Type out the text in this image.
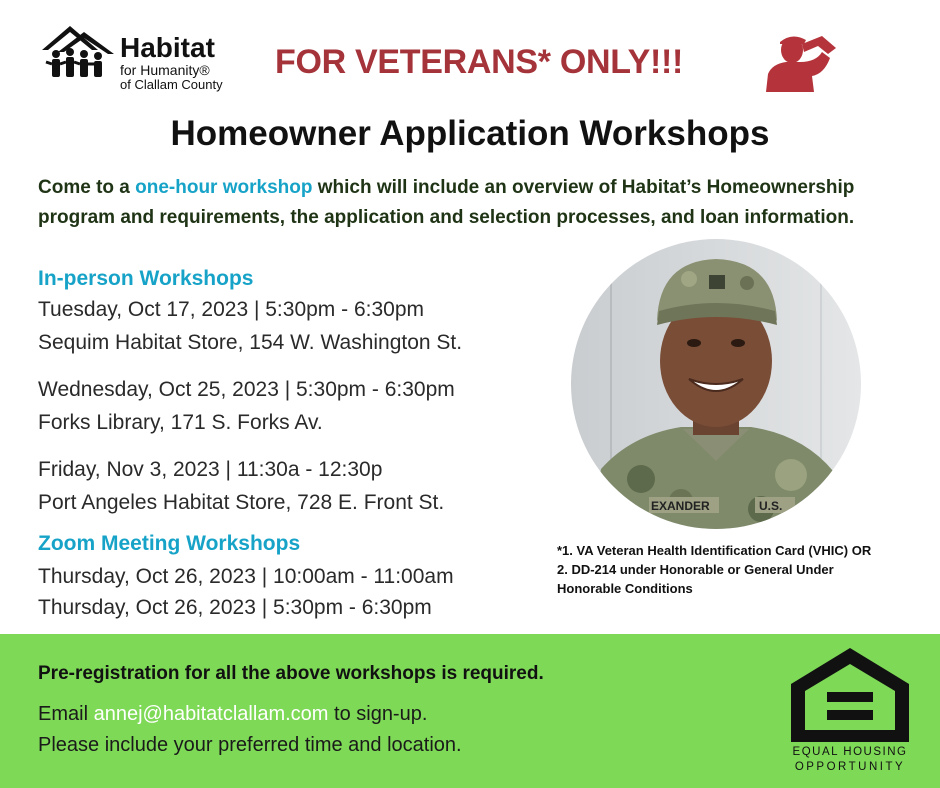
Habitat
for Humanity®
of Clallam County
FOR VETERANS* ONLY!!!
Homeowner Application Workshops
Come to a one-hour workshop which will include an overview of Habitat’s Homeownership program and requirements, the application and selection processes, and loan information.
In-person Workshops
Tuesday, Oct 17, 2023 | 5:30pm - 6:30pm
Sequim Habitat Store, 154 W. Washington St.
Wednesday, Oct 25, 2023 | 5:30pm - 6:30pm
Forks Library, 171 S. Forks Av.
Friday, Nov 3, 2023 | 11:30a - 12:30p
Port Angeles Habitat Store, 728 E. Front St.
Zoom Meeting Workshops
Thursday, Oct 26, 2023 | 10:00am - 11:00am
Thursday, Oct 26, 2023 | 5:30pm - 6:30pm
EXANDER	U.S.
*1. VA Veteran Health Identification Card (VHIC) OR
2. DD-214 under Honorable or General Under
Honorable Conditions
Pre-registration for all the above workshops is required.
Email annej@habitatclallam.com to sign-up.
Please include your preferred time and location.	EQUAL HOUSING
OPPORTUNITY
